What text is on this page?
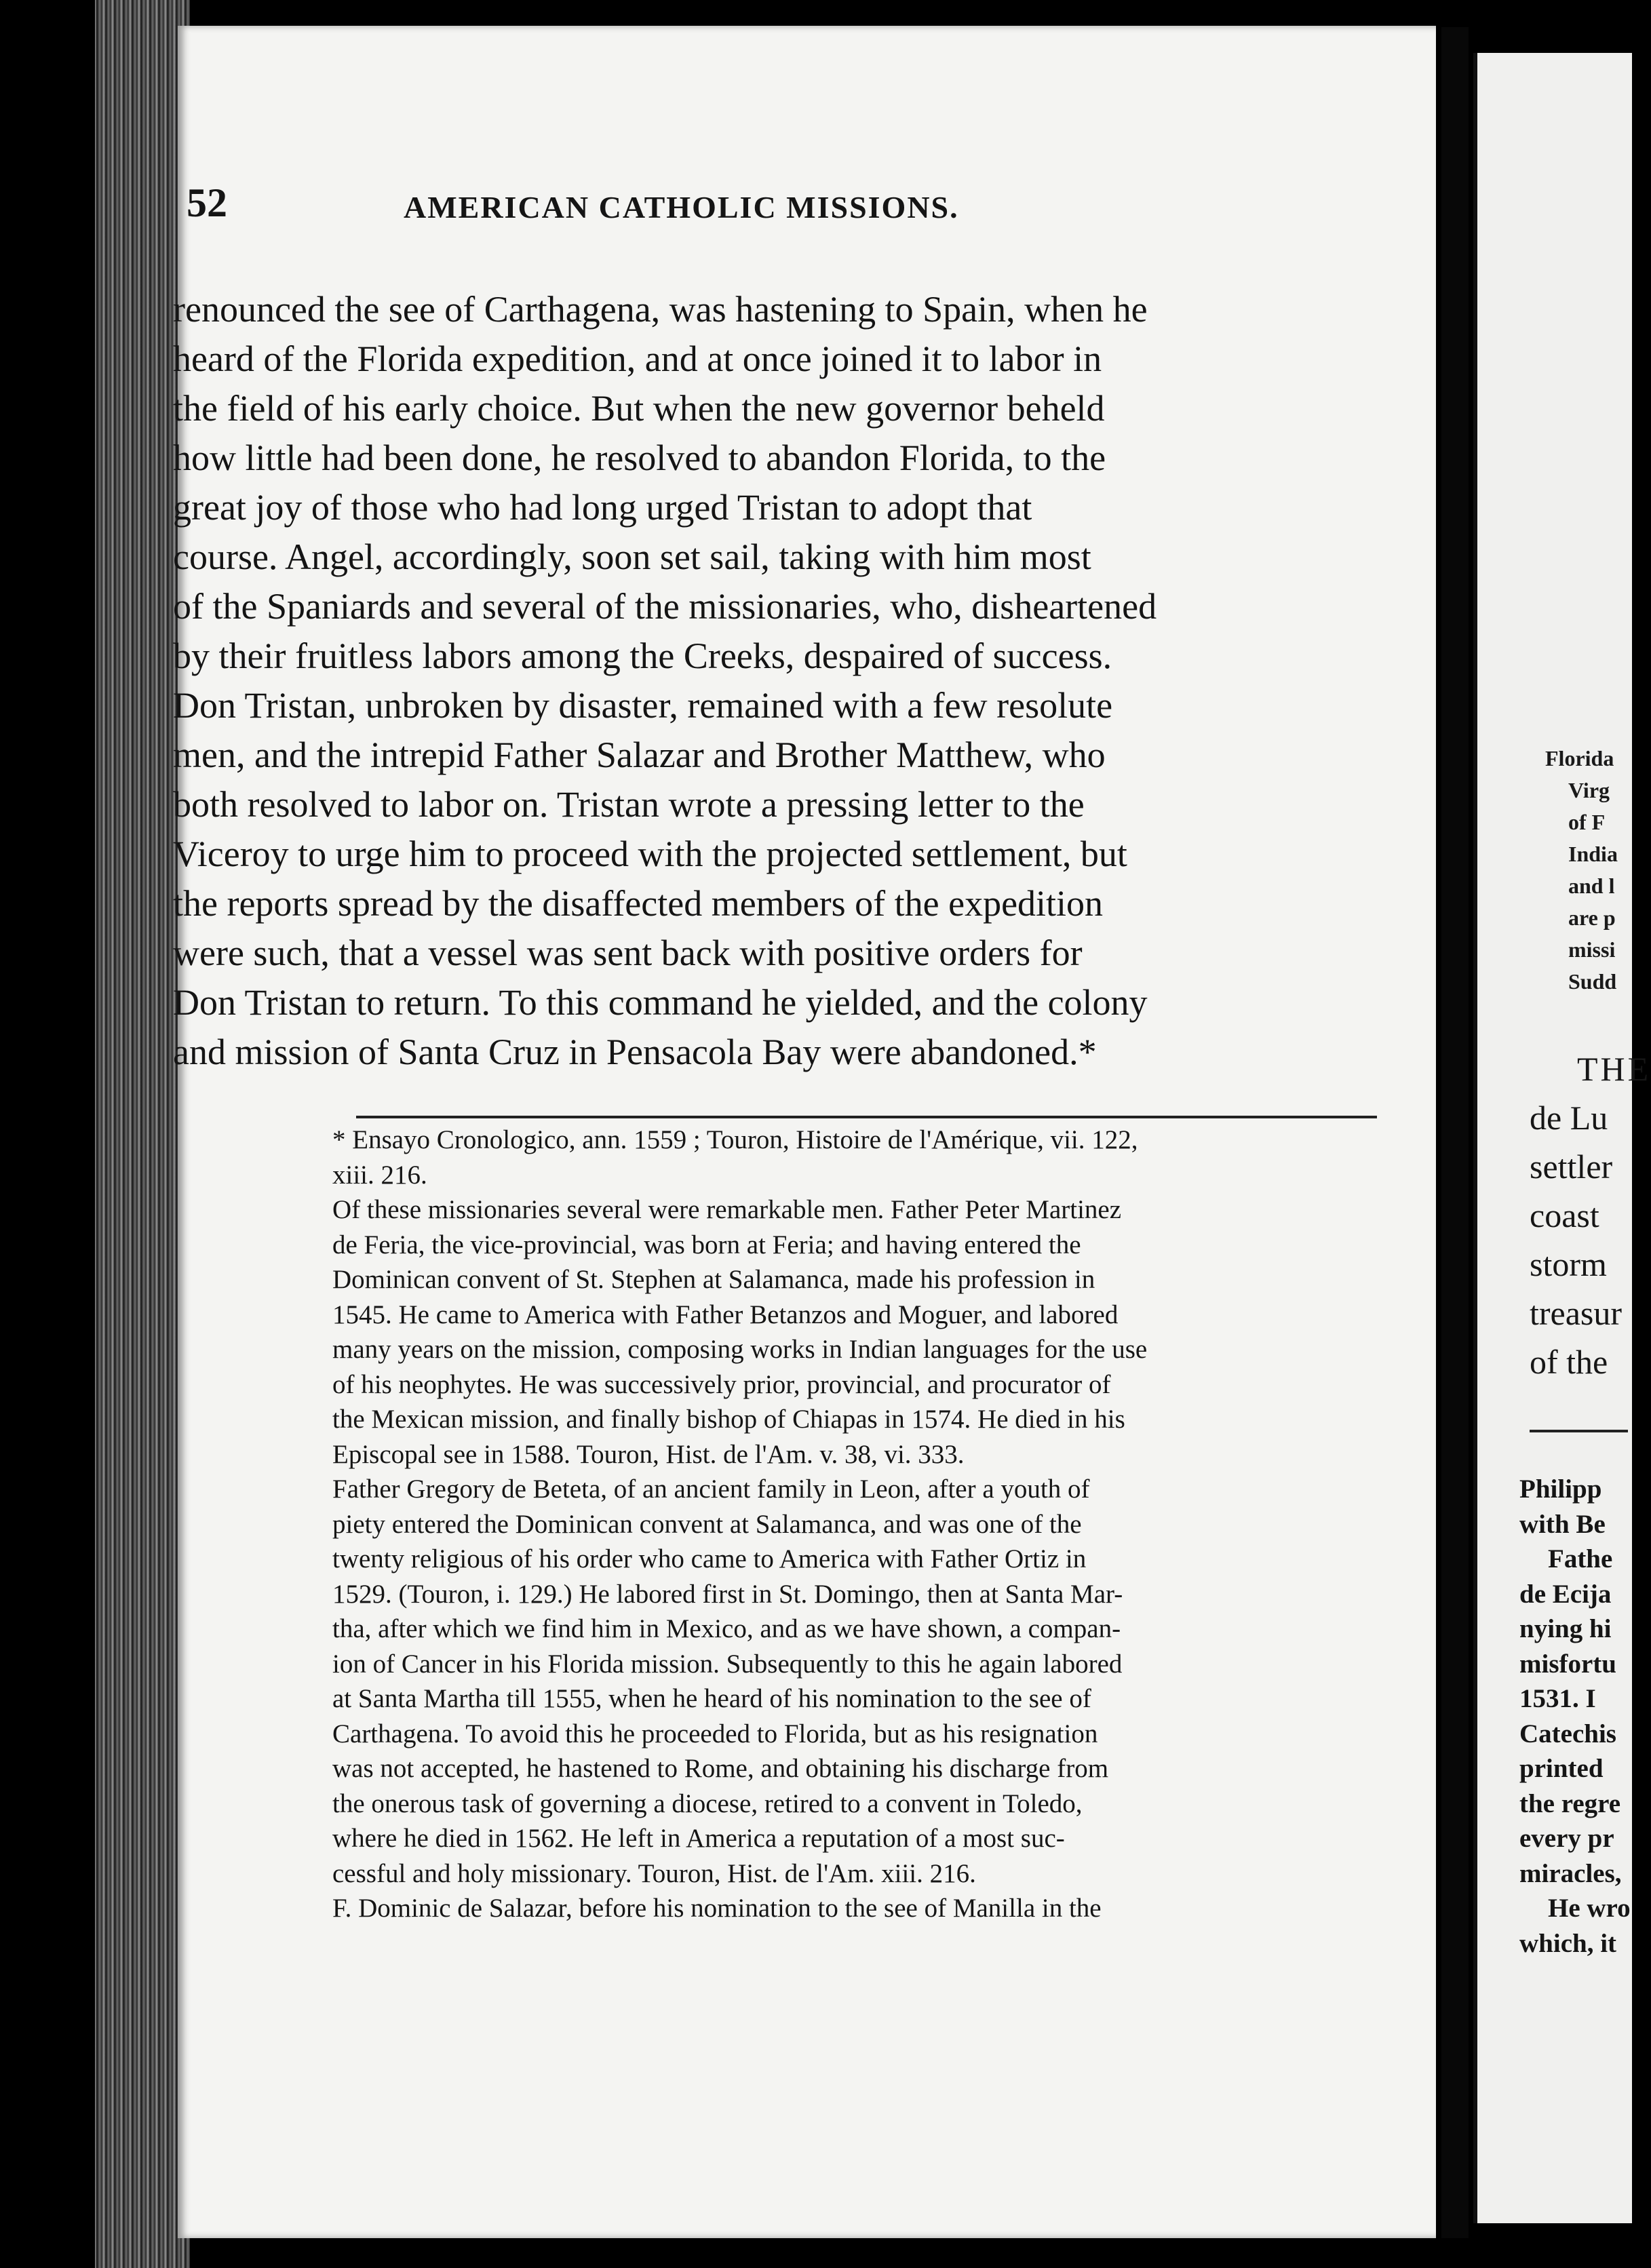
52	AMERICAN CATHOLIC MISSIONS.
renounced the see of Carthagena, was hastening to Spain, when he
heard of the Florida expedition, and at once joined it to labor in
the field of his early choice. But when the new governor beheld
how little had been done, he resolved to abandon Florida, to the
great joy of those who had long urged Tristan to adopt that
course. Angel, accordingly, soon set sail, taking with him most
of the Spaniards and several of the missionaries, who, disheartened
by their fruitless labors among the Creeks, despaired of success.
Don Tristan, unbroken by disaster, remained with a few resolute
men, and the intrepid Father Salazar and Brother Matthew, who
both resolved to labor on. Tristan wrote a pressing letter to the
Viceroy to urge him to proceed with the projected settlement, but
the reports spread by the disaffected members of the expedition
were such, that a vessel was sent back with positive orders for
Don Tristan to return. To this command he yielded, and the colony
and mission of Santa Cruz in Pensacola Bay were abandoned.*
* Ensayo Cronologico, ann. 1559 ; Touron, Histoire de l'Amérique, vii. 122,
xiii. 216.
Of these missionaries several were remarkable men. Father Peter Martinez
de Feria, the vice-provincial, was born at Feria; and having entered the
Dominican convent of St. Stephen at Salamanca, made his profession in
1545. He came to America with Father Betanzos and Moguer, and labored
many years on the mission, composing works in Indian languages for the use
of his neophytes. He was successively prior, provincial, and procurator of
the Mexican mission, and finally bishop of Chiapas in 1574. He died in his
Episcopal see in 1588. Touron, Hist. de l'Am. v. 38, vi. 333.
Father Gregory de Beteta, of an ancient family in Leon, after a youth of
piety entered the Dominican convent at Salamanca, and was one of the
twenty religious of his order who came to America with Father Ortiz in
1529. (Touron, i. 129.) He labored first in St. Domingo, then at Santa Mar-
tha, after which we find him in Mexico, and as we have shown, a compan-
ion of Cancer in his Florida mission. Subsequently to this he again labored
at Santa Martha till 1555, when he heard of his nomination to the see of
Carthagena. To avoid this he proceeded to Florida, but as his resignation
was not accepted, he hastened to Rome, and obtaining his discharge from
the onerous task of governing a diocese, retired to a convent in Toledo,
where he died in 1562. He left in America a reputation of a most suc-
cessful and holy missionary. Touron, Hist. de l'Am. xiii. 216.
F. Dominic de Salazar, before his nomination to the see of Manilla in the
Florida
Virg
of F
India
and l
are p
missi
Sudd
THE
de Lu
settler
coast
storm
treasur
of the
Philipp
with Be
Fathe
de Ecija
nying hi
misfortu
1531. I
Catechis
printed
the regre
every pr
miracles,
He wro
which, it
